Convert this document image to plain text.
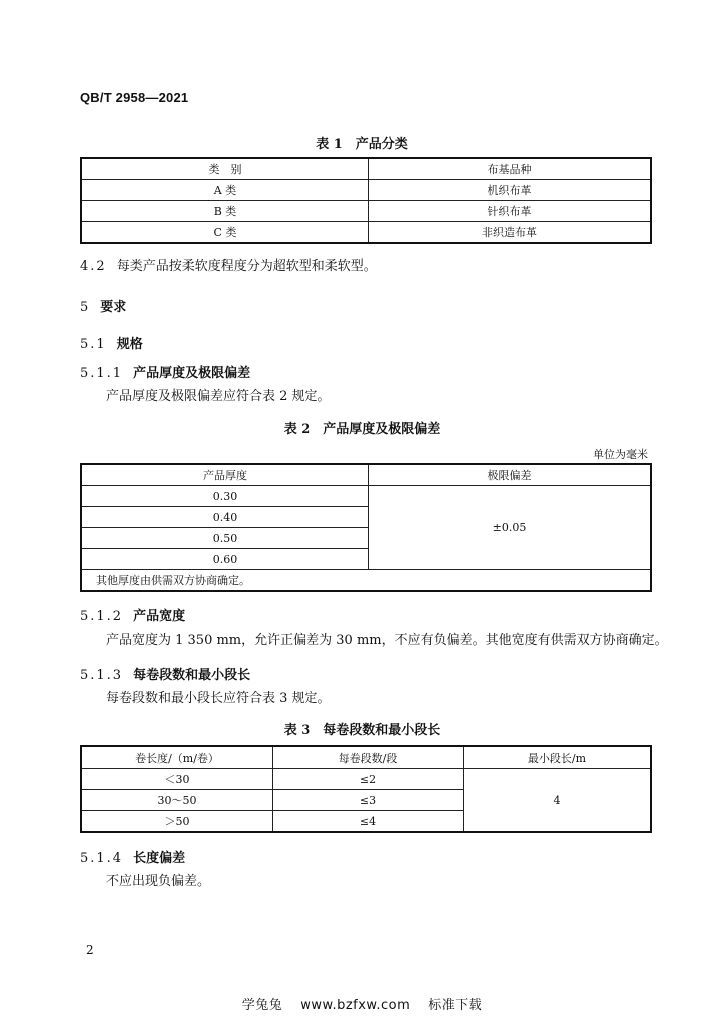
QB/T 2958—2021
表 1　产品分类
类　别	布基品种
A 类	机织布革
B 类	针织布革
C 类	非织造布革
4.2 每类产品按柔软度程度分为超软型和柔软型。
5 要求
5.1 规格
5.1.1 产品厚度及极限偏差
产品厚度及极限偏差应符合表 2 规定。
表 2　产品厚度及极限偏差
单位为毫米
产品厚度	极限偏差
0.30	±0.05
0.40	
0.50	
0.60	
其他厚度由供需双方协商确定。	
5.1.2 产品宽度
产品宽度为 1 350 mm，允许正偏差为 30 mm，不应有负偏差。其他宽度有供需双方协商确定。
5.1.3 每卷段数和最小段长
每卷段数和最小段长应符合表 3 规定。
表 3　每卷段数和最小段长
卷长度/（m/卷）	每卷段数/段	最小段长/m
＜30	≤2	4
30～50	≤3	
＞50	≤4	
5.1.4 长度偏差
不应出现负偏差。
2
学兔兔 www.bzfxw.com 标准下载
